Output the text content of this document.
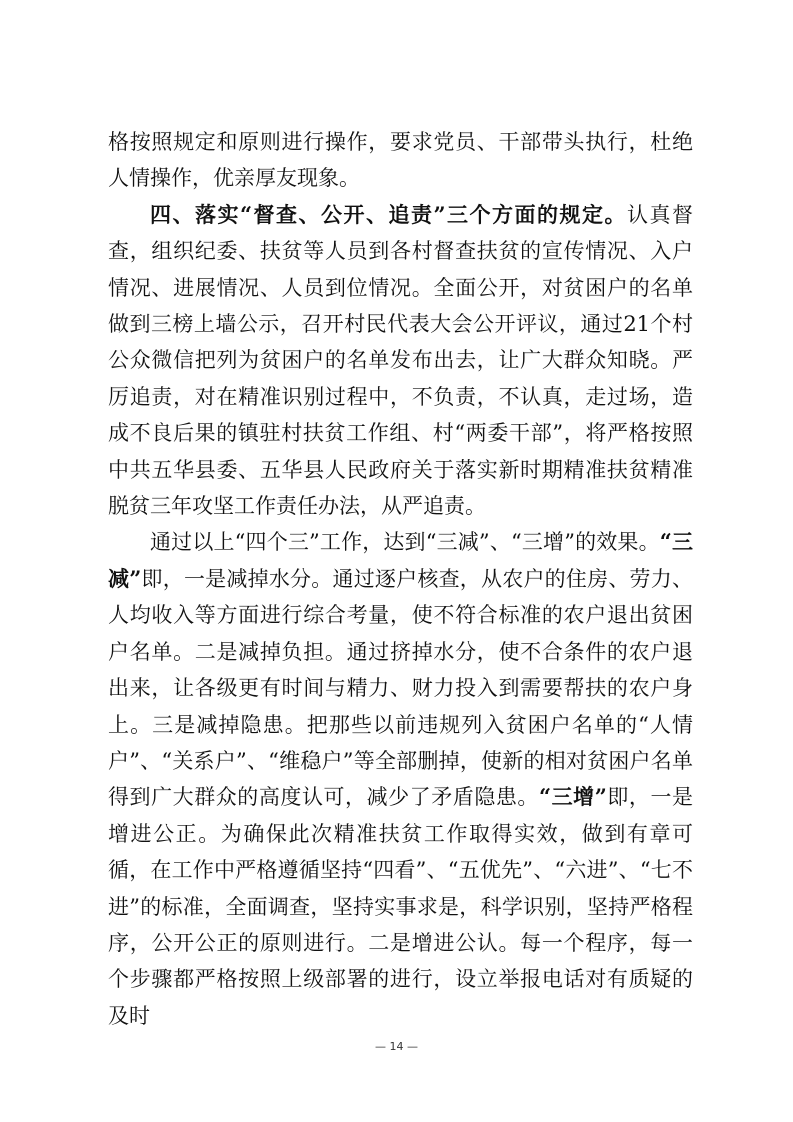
格按照规定和原则进行操作，要求党员、干部带头执行，杜绝人情操作，优亲厚友现象。

四、落实“督查、公开、追责”三个方面的规定。认真督查，组织纪委、扶贫等人员到各村督查扶贫的宣传情况、入户情况、进展情况、人员到位情况。全面公开，对贫困户的名单做到三榜上墙公示，召开村民代表大会公开评议，通过21个村公众微信把列为贫困户的名单发布出去，让广大群众知晓。严厉追责，对在精准识别过程中，不负责，不认真，走过场，造成不良后果的镇驻村扶贫工作组、村“两委干部”，将严格按照中共五华县委、五华县人民政府关于落实新时期精准扶贫精准脱贫三年攻坚工作责任办法，从严追责。

通过以上“四个三”工作，达到“三减”、“三增”的效果。“三减”即，一是减掉水分。通过逐户核查，从农户的住房、劳力、人均收入等方面进行综合考量，使不符合标准的农户退出贫困户名单。二是减掉负担。通过挤掉水分，使不合条件的农户退出来，让各级更有时间与精力、财力投入到需要帮扶的农户身上。三是减掉隐患。把那些以前违规列入贫困户名单的“人情户”、“关系户”、“维稳户”等全部删掉，使新的相对贫困户名单得到广大群众的高度认可，减少了矛盾隐患。“三增”即，一是增进公正。为确保此次精准扶贫工作取得实效，做到有章可循，在工作中严格遵循坚持“四看”、“五优先”、“六进”、“七不进”的标准，全面调查，坚持实事求是，科学识别，坚持严格程序，公开公正的原则进行。二是增进公认。每一个程序，每一个步骤都严格按照上级部署的进行，设立举报电话对有质疑的及时

— 14 —
